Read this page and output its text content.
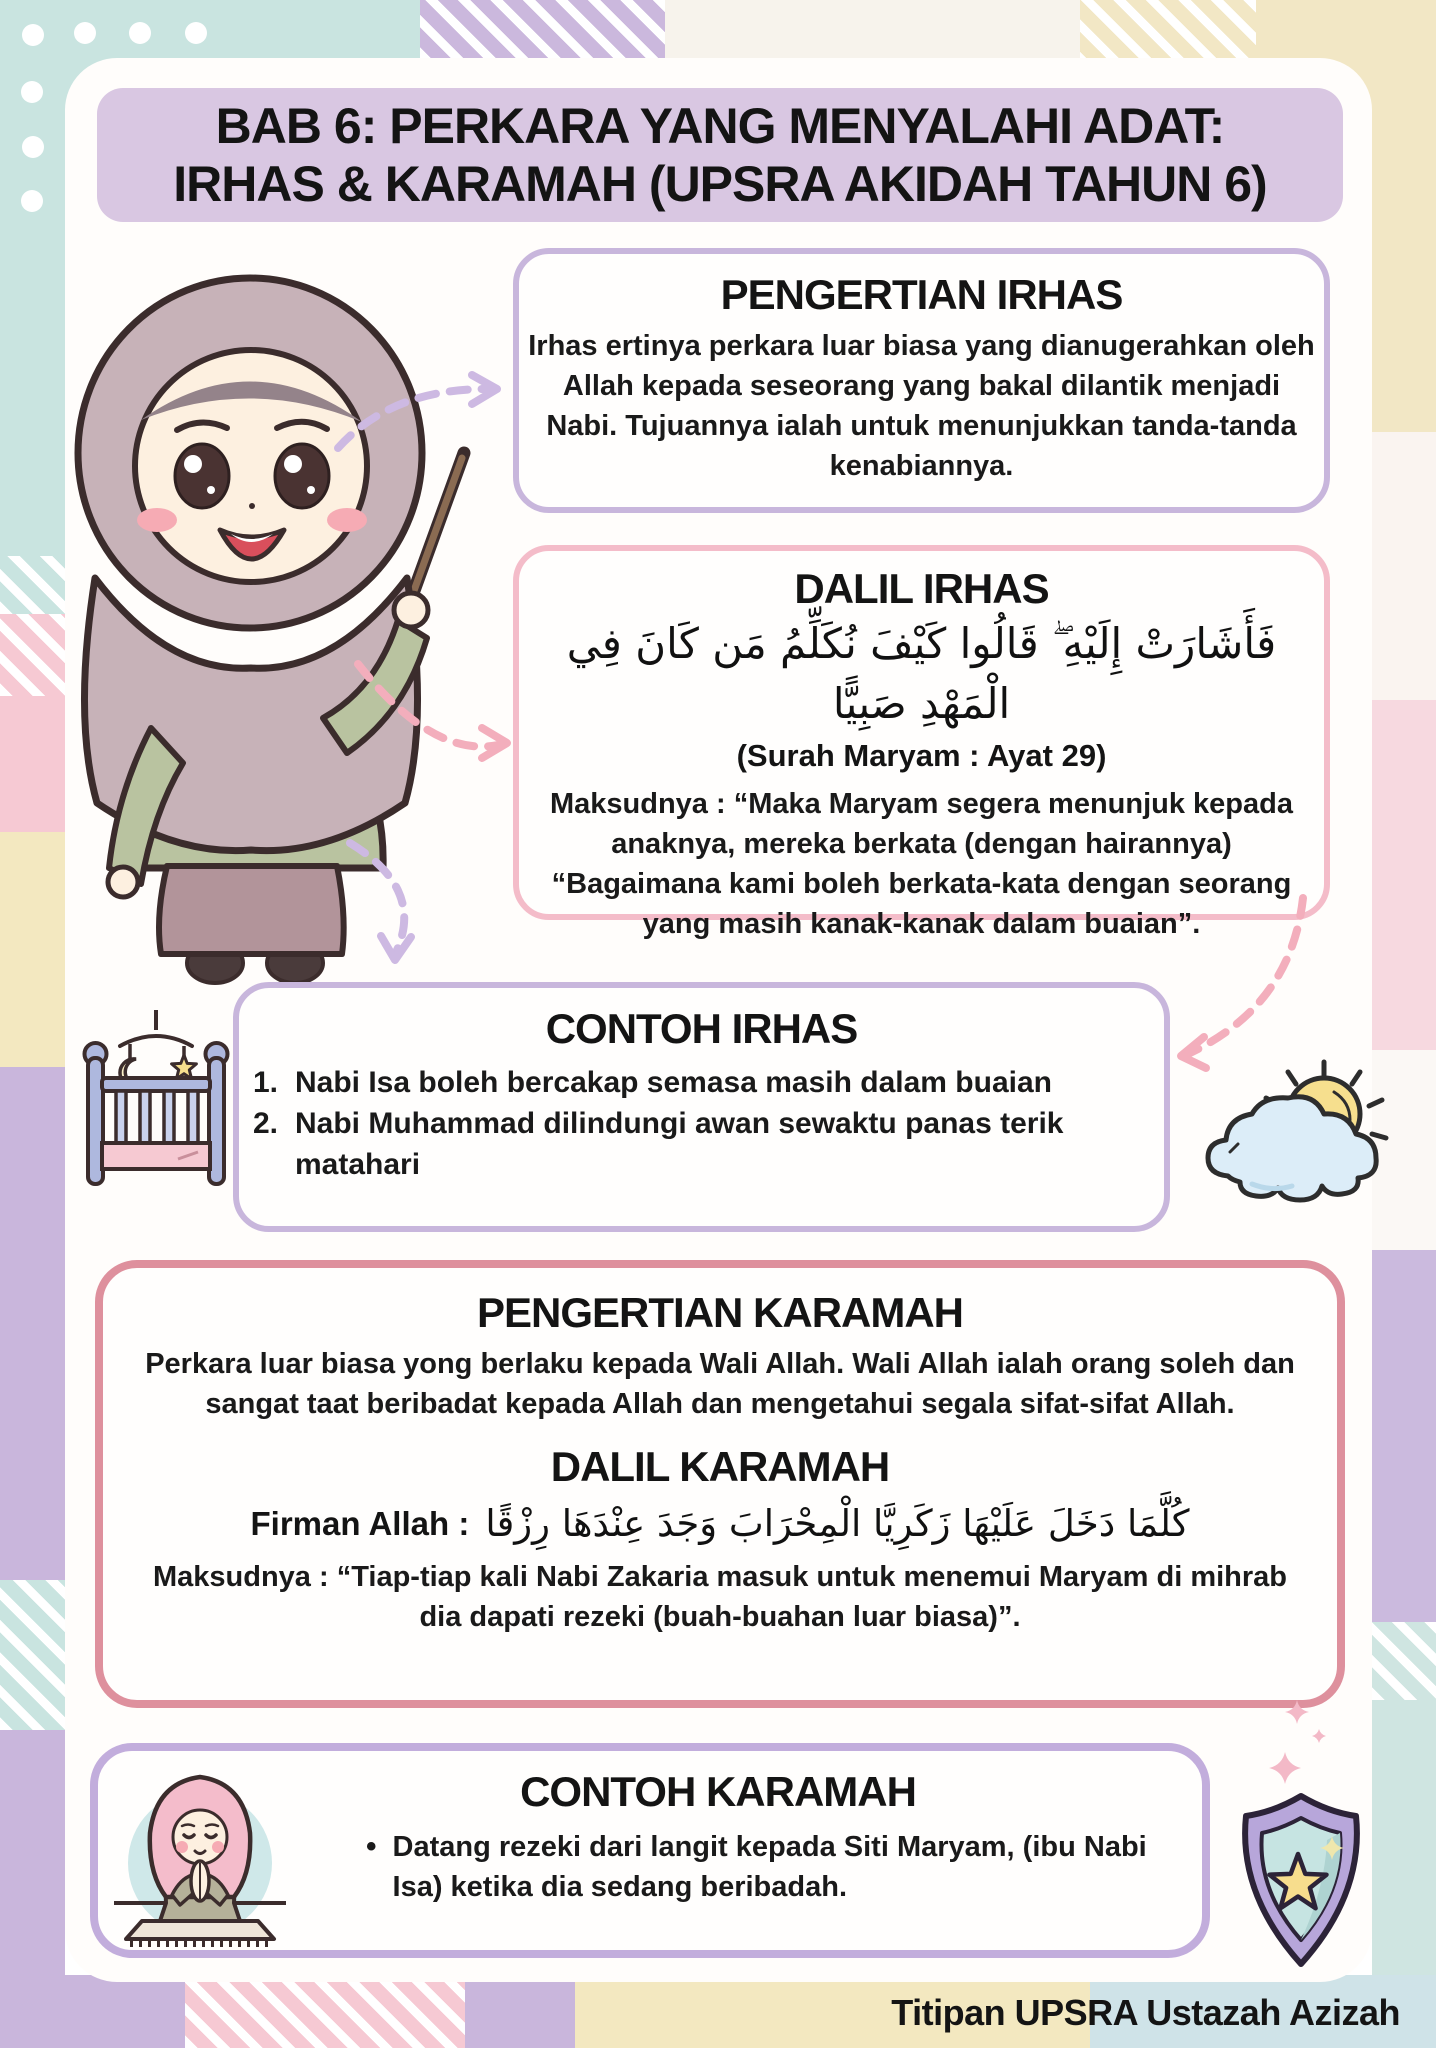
BAB 6: PERKARA YANG MENYALAHI ADAT:
IRHAS & KARAMAH (UPSRA AKIDAH TAHUN 6)
PENGERTIAN IRHAS
Irhas ertinya perkara luar biasa yang dianugerahkan oleh Allah kepada seseorang yang bakal dilantik menjadi Nabi. Tujuannya ialah untuk menunjukkan tanda-tanda kenabiannya.
DALIL IRHAS
فَأَشَارَتْ إِلَيْهِ ۖ قَالُوا كَيْفَ نُكَلِّمُ مَن كَانَ فِي الْمَهْدِ صَبِيًّا
(Surah Maryam : Ayat 29)
Maksudnya : “Maka Maryam segera menunjuk kepada anaknya, mereka berkata (dengan hairannya) “Bagaimana kami boleh berkata-kata dengan seorang yang masih kanak-kanak dalam buaian”.
CONTOH IRHAS
1. Nabi Isa boleh bercakap semasa masih dalam buaian
2. Nabi Muhammad dilindungi awan sewaktu panas terik matahari
PENGERTIAN KARAMAH
Perkara luar biasa yong berlaku kepada Wali Allah. Wali Allah ialah orang soleh dan sangat taat beribadat kepada Allah dan mengetahui segala sifat-sifat Allah.
DALIL KARAMAH
Firman Allah : كُلَّمَا دَخَلَ عَلَيْهَا زَكَرِيَّا الْمِحْرَابَ وَجَدَ عِنْدَهَا رِزْقًا
Maksudnya : “Tiap-tiap kali Nabi Zakaria masuk untuk menemui Maryam di mihrab dia dapati rezeki (buah-buahan luar biasa)”.
CONTOH KARAMAH
• Datang rezeki dari langit kepada Siti Maryam, (ibu Nabi Isa) ketika dia sedang beribadah.
Titipan UPSRA Ustazah Azizah
